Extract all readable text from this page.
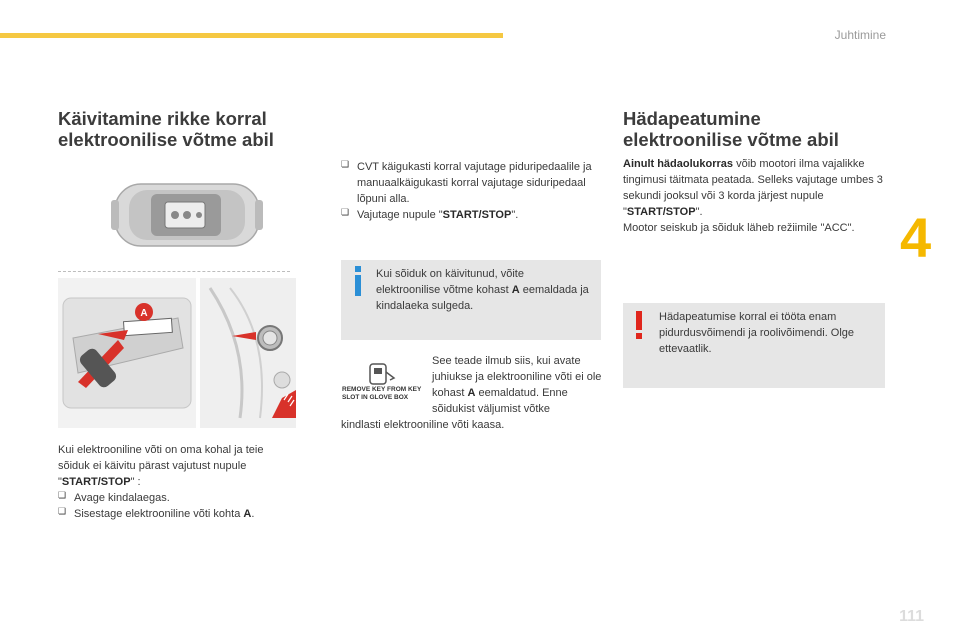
Juhtimine
4
111
Käivitamine rikke korral
elektroonilise võtme abil
A

Kui elektrooniline võti on oma kohal ja teie sõiduk ei käivitu pärast vajutust nupule
"START/STOP" :

❏ Avage kindalaegas.
❏ Sisestage elektrooniline võti kohta A.
❏ CVT käigukasti korral vajutage piduripedaalile ja manuaalkäigukasti korral vajutage siduripedaal lõpuni alla.
❏ Vajutage nupule "START/STOP".

Kui sõiduk on käivitunud, võite elektroonilise võtme kohast A eemaldada ja kindalaeka sulgeda.

REMOVE KEY FROM KEY
SLOT IN GLOVE BOX

See teade ilmub siis, kui avate juhiukse ja elektrooniline võti ei ole kohast A eemaldatud. Enne sõidukist väljumist võtke

kindlasti elektrooniline võti kaasa.

Hädapeatumine
elektroonilise võtme abil

Ainult hädaolukorras võib mootori ilma vajalikke tingimusi täitmata peatada. Selleks vajutage umbes 3 sekundi jooksul või 3 korda järjest nupule "START/STOP".

Mootor seiskub ja sõiduk läheb režiimile "ACC".

Hädapeatumise korral ei tööta enam pidurdusvõimendi ja roolivõimendi. Olge ettevaatlik.
